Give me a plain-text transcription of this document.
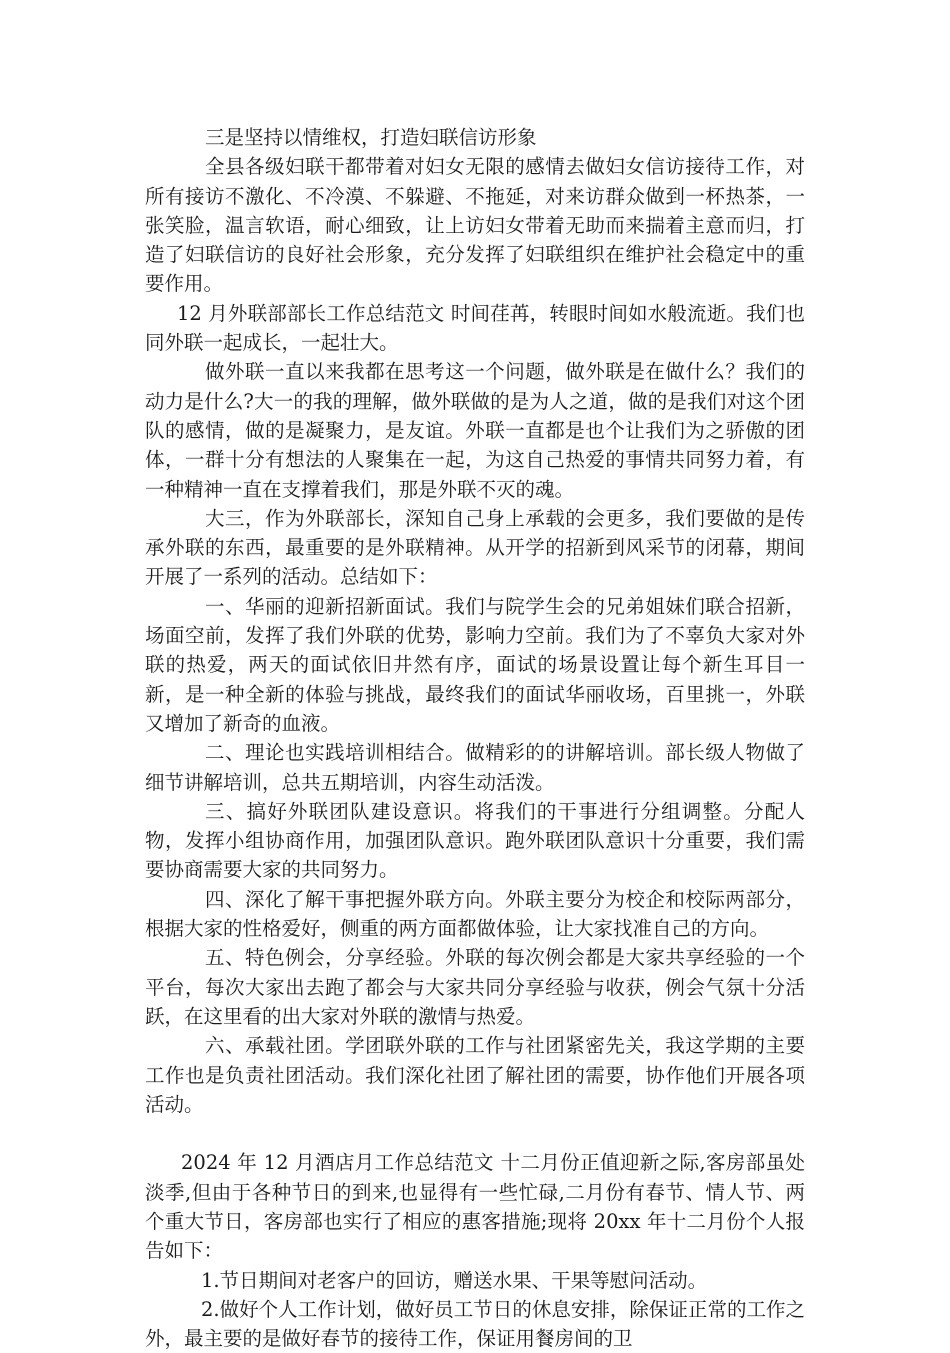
三是坚持以情维权，打造妇联信访形象

全县各级妇联干都带着对妇女无限的感情去做妇女信访接待工作，对所有接访不激化、不冷漠、不躲避、不拖延，对来访群众做到一杯热茶，一张笑脸，温言软语，耐心细致，让上访妇女带着无助而来揣着主意而归，打造了妇联信访的良好社会形象，充分发挥了妇联组织在维护社会稳定中的重要作用。

12 月外联部部长工作总结范文 时间荏苒，转眼时间如水般流逝。我们也同外联一起成长，一起壮大。

做外联一直以来我都在思考这一个问题，做外联是在做什么？我们的动力是什么?大一的我的理解，做外联做的是为人之道，做的是我们对这个团队的感情，做的是凝聚力，是友谊。外联一直都是也个让我们为之骄傲的团体，一群十分有想法的人聚集在一起，为这自己热爱的事情共同努力着，有一种精神一直在支撑着我们，那是外联不灭的魂。

大三，作为外联部长，深知自己身上承载的会更多，我们要做的是传承外联的东西，最重要的是外联精神。从开学的招新到风采节的闭幕，期间开展了一系列的活动。总结如下：

一、华丽的迎新招新面试。我们与院学生会的兄弟姐妹们联合招新，场面空前，发挥了我们外联的优势，影响力空前。我们为了不辜负大家对外联的热爱，两天的面试依旧井然有序，面试的场景设置让每个新生耳目一新，是一种全新的体验与挑战，最终我们的面试华丽收场，百里挑一，外联又增加了新奇的血液。

二、理论也实践培训相结合。做精彩的的讲解培训。部长级人物做了细节讲解培训，总共五期培训，内容生动活泼。

三、搞好外联团队建设意识。将我们的干事进行分组调整。分配人物，发挥小组协商作用，加强团队意识。跑外联团队意识十分重要，我们需要协商需要大家的共同努力。

四、深化了解干事把握外联方向。外联主要分为校企和校际两部分，根据大家的性格爱好，侧重的两方面都做体验，让大家找准自己的方向。

五、特色例会，分享经验。外联的每次例会都是大家共享经验的一个平台，每次大家出去跑了都会与大家共同分享经验与收获，例会气氛十分活跃，在这里看的出大家对外联的激情与热爱。

六、承载社团。学团联外联的工作与社团紧密先关，我这学期的主要工作也是负责社团活动。我们深化社团了解社团的需要，协作他们开展各项活动。

2024 年 12 月酒店月工作总结范文 十二月份正值迎新之际,客房部虽处淡季,但由于各种节日的到来,也显得有一些忙碌,二月份有春节、情人节、两个重大节日，客房部也实行了相应的惠客措施;现将 20xx 年十二月份个人报告如下：

1.节日期间对老客户的回访，赠送水果、干果等慰问活动。

2.做好个人工作计划，做好员工节日的休息安排，除保证正常的工作之外，最主要的是做好春节的接待工作，保证用餐房间的卫
